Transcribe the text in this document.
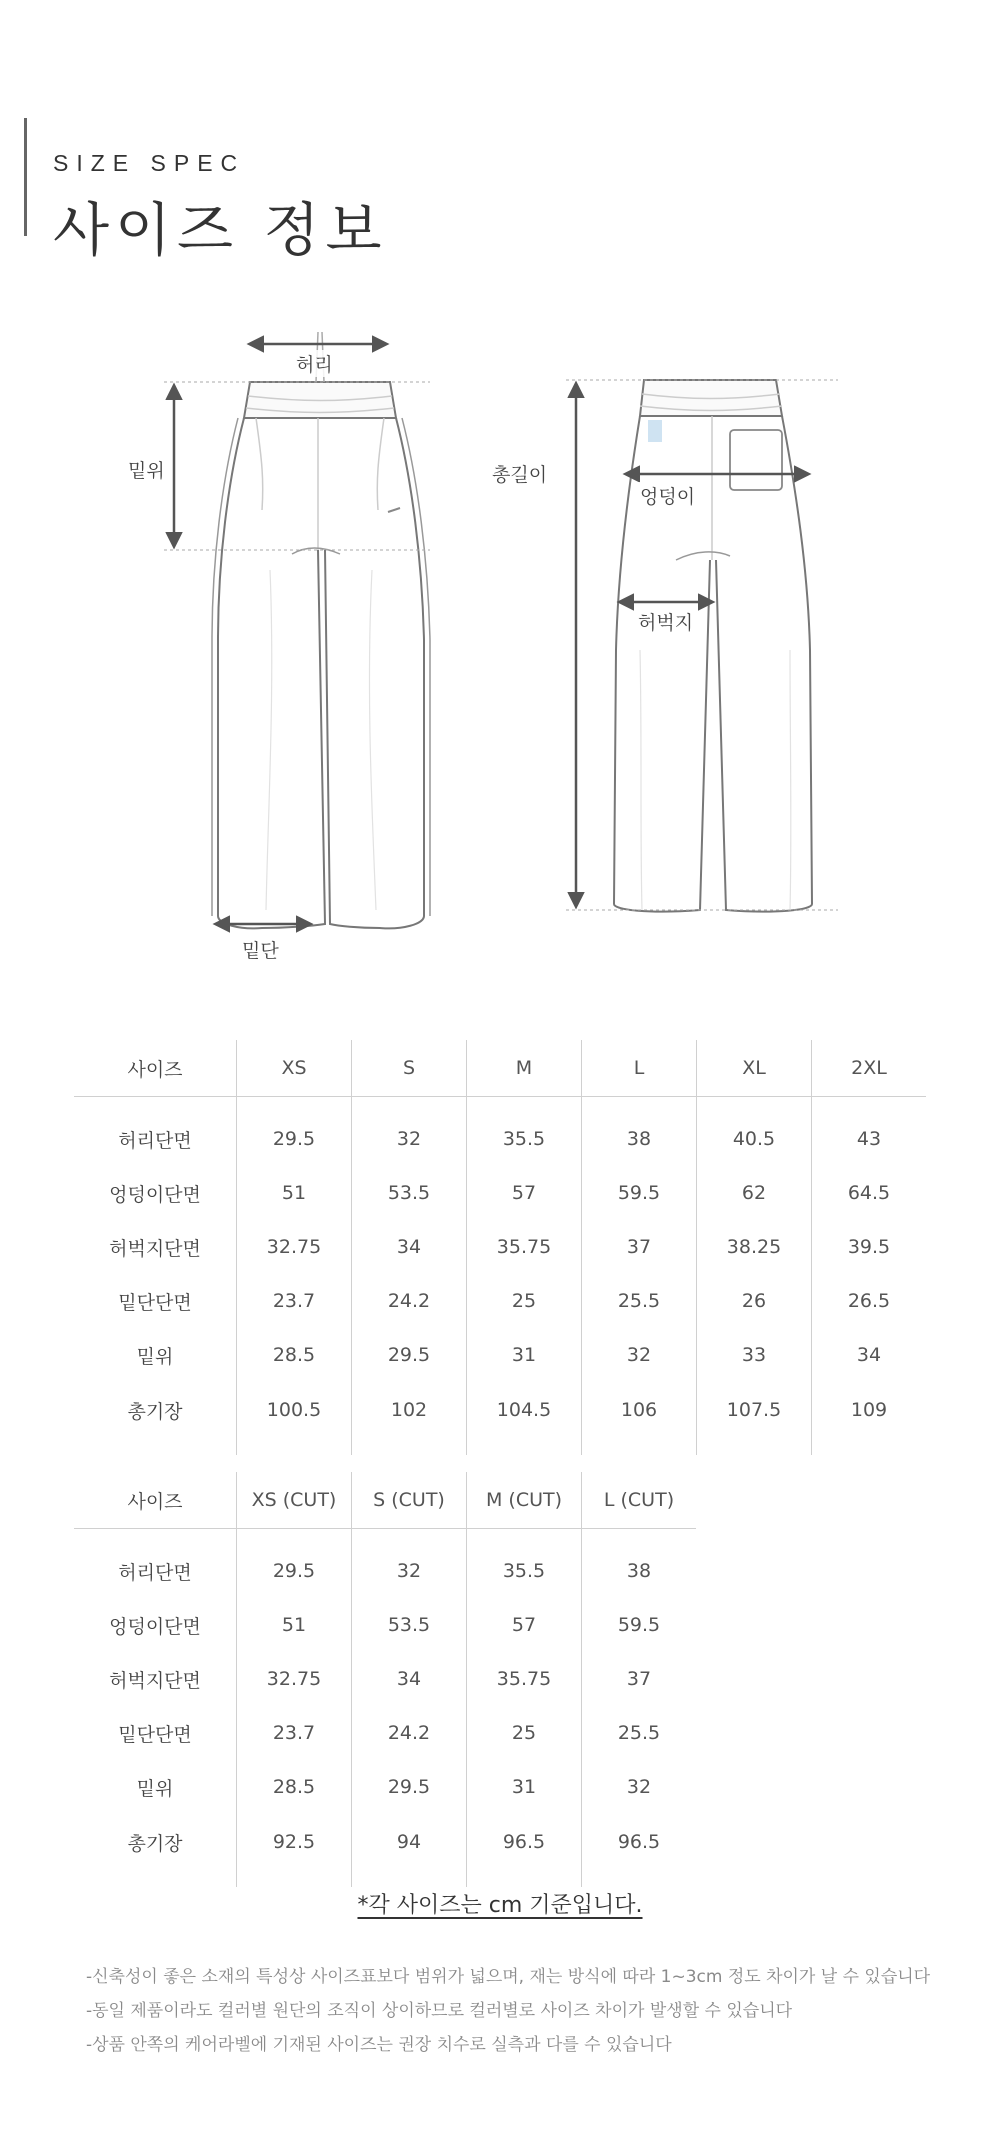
SIZE SPEC
사이즈 정보
허리
밑위
밑단
총길이
엉덩이
허벅지
사이즈	XS	S	M	L	XL	2XL
허리단면	29.5	32	35.5	38	40.5	43
엉덩이단면	51	53.5	57	59.5	62	64.5
허벅지단면	32.75	34	35.75	37	38.25	39.5
밑단단면	23.7	24.2	25	25.5	26	26.5
밑위	28.5	29.5	31	32	33	34
총기장	100.5	102	104.5	106	107.5	109
사이즈	XS (CUT)	S (CUT)	M (CUT)	L (CUT)
허리단면	29.5	32	35.5	38
엉덩이단면	51	53.5	57	59.5
허벅지단면	32.75	34	35.75	37
밑단단면	23.7	24.2	25	25.5
밑위	28.5	29.5	31	32
총기장	92.5	94	96.5	96.5
*각 사이즈는 cm 기준입니다.
-신축성이 좋은 소재의 특성상 사이즈표보다 범위가 넓으며, 재는 방식에 따라 1~3cm 정도 차이가 날 수 있습니다
-동일 제품이라도 컬러별 원단의 조직이 상이하므로 컬러별로 사이즈 차이가 발생할 수 있습니다
-상품 안쪽의 케어라벨에 기재된 사이즈는 권장 치수로 실측과 다를 수 있습니다
